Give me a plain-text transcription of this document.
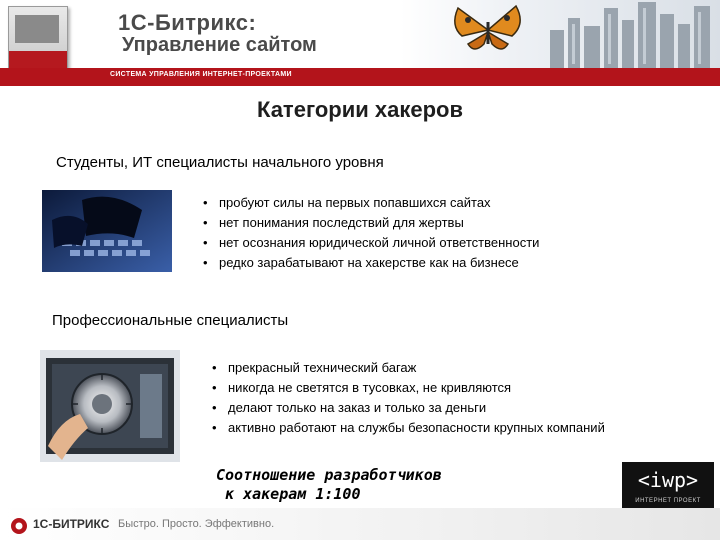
1С-Битрикс:
Управление сайтом
СИСТЕМА УПРАВЛЕНИЯ ИНТЕРНЕТ-ПРОЕКТАМИ
Категории хакеров
Студенты, ИТ специалисты начального уровня
• пробуют силы на первых попавшихся сайтах
• нет понимания последствий для жертвы
• нет осознания юридической личной ответственности
• редко зарабатывают на хакерстве как на бизнесе
Профессиональные специалисты
• прекрасный технический багаж
• никогда не светятся в тусовках, не кривляются
• делают только на заказ и только за деньги
• активно работают на службы безопасности крупных компаний
Соотношение разработчиков
к хакерам 1:100
<iwp>
ИНТЕРНЕТ ПРОЕКТ
1С-БИТРИКС Быстро. Просто. Эффективно.
